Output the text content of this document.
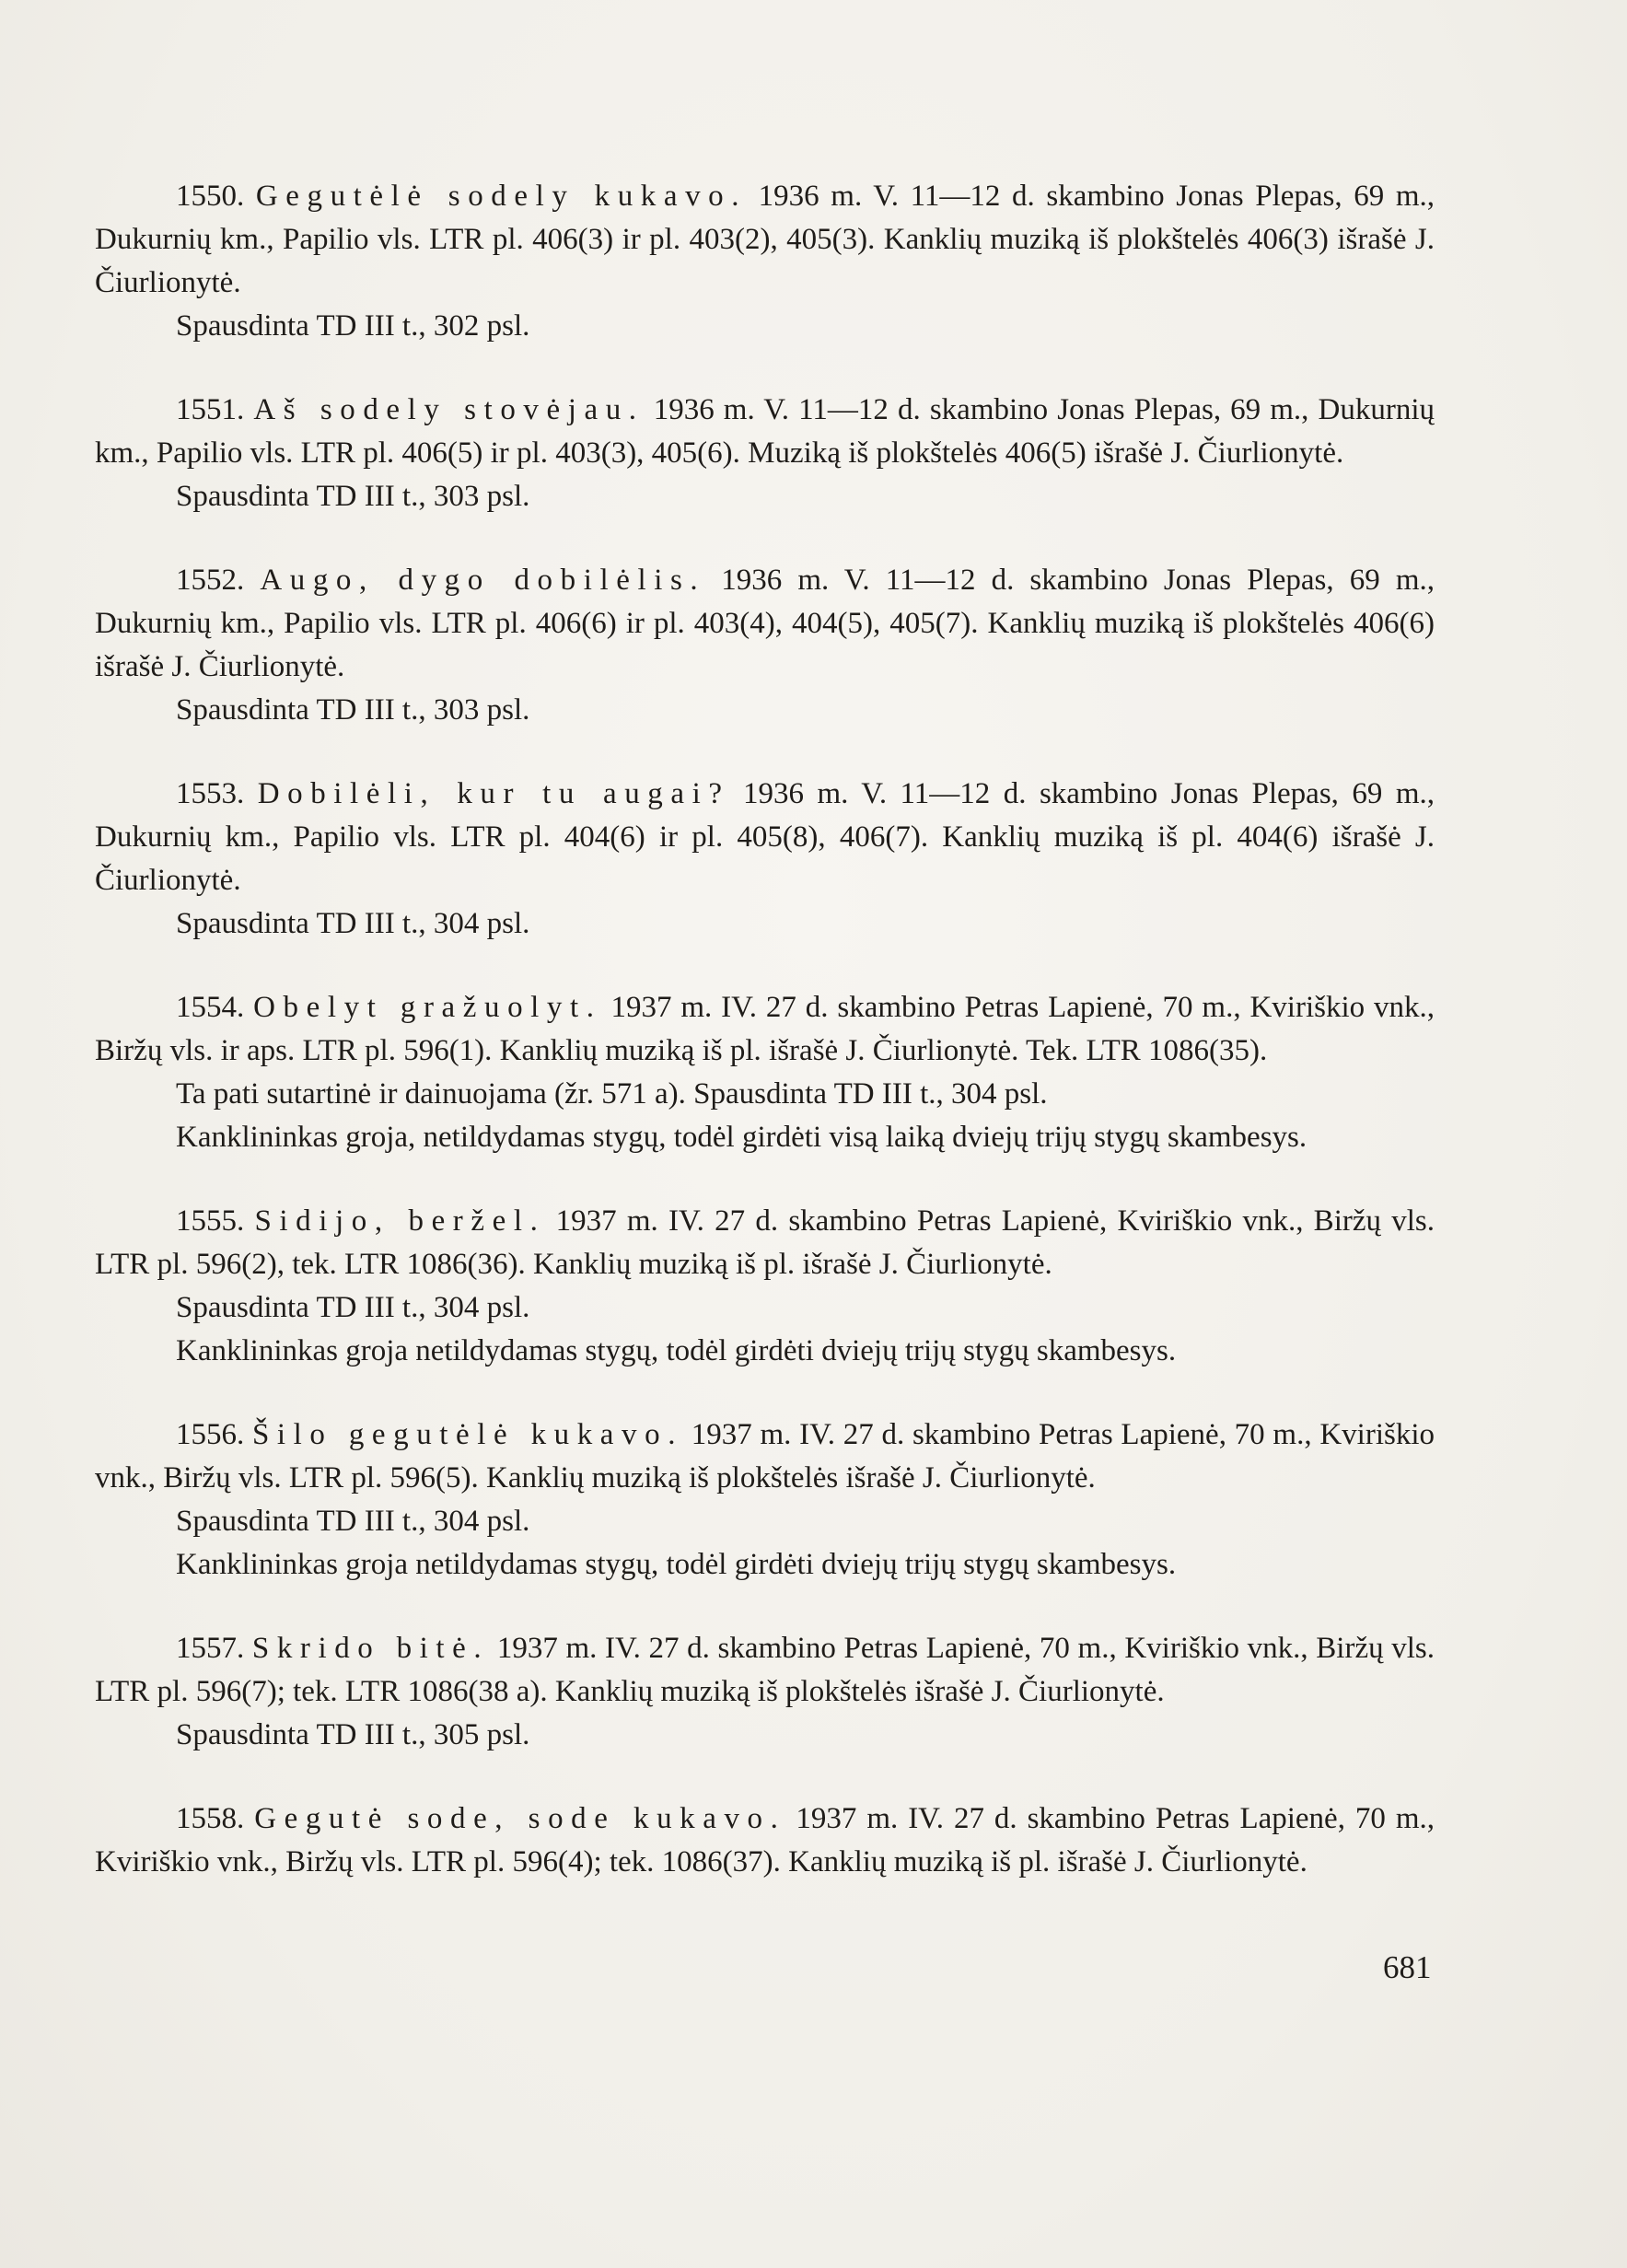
1550. Gegutėlė sodely kukavo. 1936 m. V. 11—12 d. skambino Jonas Plepas, 69 m., Dukurnių km., Papilio vls. LTR pl. 406(3) ir pl. 403(2), 405(3). Kanklių muziką iš plokštelės 406(3) išrašė J. Čiurlionytė.

Spausdinta TD III t., 302 psl.

1551. Aš sodely stovėjau. 1936 m. V. 11—12 d. skambino Jonas Plepas, 69 m., Dukurnių km., Papilio vls. LTR pl. 406(5) ir pl. 403(3), 405(6). Muziką iš plokštelės 406(5) išrašė J. Čiurlionytė.

Spausdinta TD III t., 303 psl.

1552. Augo, dygo dobilėlis. 1936 m. V. 11—12 d. skambino Jonas Plepas, 69 m., Dukurnių km., Papilio vls. LTR pl. 406(6) ir pl. 403(4), 404(5), 405(7). Kanklių muziką iš plokštelės 406(6) išrašė J. Čiurlionytė.

Spausdinta TD III t., 303 psl.

1553. Dobilėli, kur tu augai? 1936 m. V. 11—12 d. skambino Jonas Plepas, 69 m., Dukurnių km., Papilio vls. LTR pl. 404(6) ir pl. 405(8), 406(7). Kanklių muziką iš pl. 404(6) išrašė J. Čiurlionytė.

Spausdinta TD III t., 304 psl.

1554. Obelyt gražuolyt. 1937 m. IV. 27 d. skambino Petras Lapienė, 70 m., Kviriškio vnk., Biržų vls. ir aps. LTR pl. 596(1). Kanklių muziką iš pl. išrašė J. Čiurlionytė. Tek. LTR 1086(35).

Ta pati sutartinė ir dainuojama (žr. 571 a). Spausdinta TD III t., 304 psl.

Kanklininkas groja, netildydamas stygų, todėl girdėti visą laiką dviejų trijų stygų skambesys.

1555. Sidijo, beržel. 1937 m. IV. 27 d. skambino Petras Lapienė, Kviriškio vnk., Biržų vls. LTR pl. 596(2), tek. LTR 1086(36). Kanklių muziką iš pl. išrašė J. Čiurlionytė.

Spausdinta TD III t., 304 psl.

Kanklininkas groja netildydamas stygų, todėl girdėti dviejų trijų stygų skambesys.

1556. Šilo gegutėlė kukavo. 1937 m. IV. 27 d. skambino Petras Lapienė, 70 m., Kviriškio vnk., Biržų vls. LTR pl. 596(5). Kanklių muziką iš plokštelės išrašė J. Čiurlionytė.

Spausdinta TD III t., 304 psl.

Kanklininkas groja netildydamas stygų, todėl girdėti dviejų trijų stygų skambesys.

1557. Skrido bitė. 1937 m. IV. 27 d. skambino Petras Lapienė, 70 m., Kviriškio vnk., Biržų vls. LTR pl. 596(7); tek. LTR 1086(38 a). Kanklių muziką iš plokštelės išrašė J. Čiurlionytė.

Spausdinta TD III t., 305 psl.

1558. Gegutė sode, sode kukavo. 1937 m. IV. 27 d. skambino Petras Lapienė, 70 m., Kviriškio vnk., Biržų vls. LTR pl. 596(4); tek. 1086(37). Kanklių muziką iš pl. išrašė J. Čiurlionytė.

681
